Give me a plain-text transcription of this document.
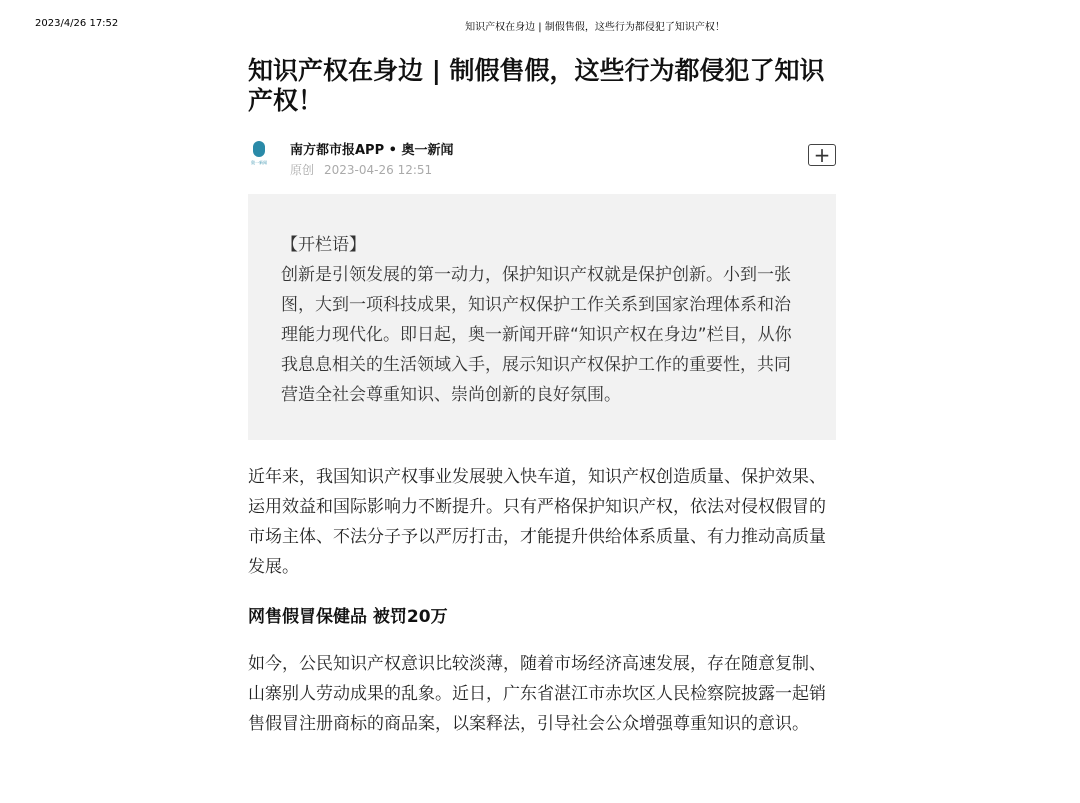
2023/4/26 17:52	知识产权在身边 | 制假售假，这些行为都侵犯了知识产权！
知识产权在身边 | 制假售假，这些行为都侵犯了知识产权！
奥一新闻
南方都市报APP • 奥一新闻
原创 2023-04-26 12:51
+
【开栏语】
创新是引领发展的第一动力，保护知识产权就是保护创新。小到一张图，大到一项科技成果，知识产权保护工作关系到国家治理体系和治理能力现代化。即日起，奥一新闻开辟“知识产权在身边”栏目，从你我息息相关的生活领域入手，展示知识产权保护工作的重要性，共同营造全社会尊重知识、崇尚创新的良好氛围。

近年来，我国知识产权事业发展驶入快车道，知识产权创造质量、保护效果、运用效益和国际影响力不断提升。只有严格保护知识产权，依法对侵权假冒的市场主体、不法分子予以严厉打击，才能提升供给体系质量、有力推动高质量发展。

网售假冒保健品 被罚20万

如今，公民知识产权意识比较淡薄，随着市场经济高速发展，存在随意复制、山寨别人劳动成果的乱象。近日，广东省湛江市赤坎区人民检察院披露一起销售假冒注册商标的商品案，以案释法，引导社会公众增强尊重知识的意识。
